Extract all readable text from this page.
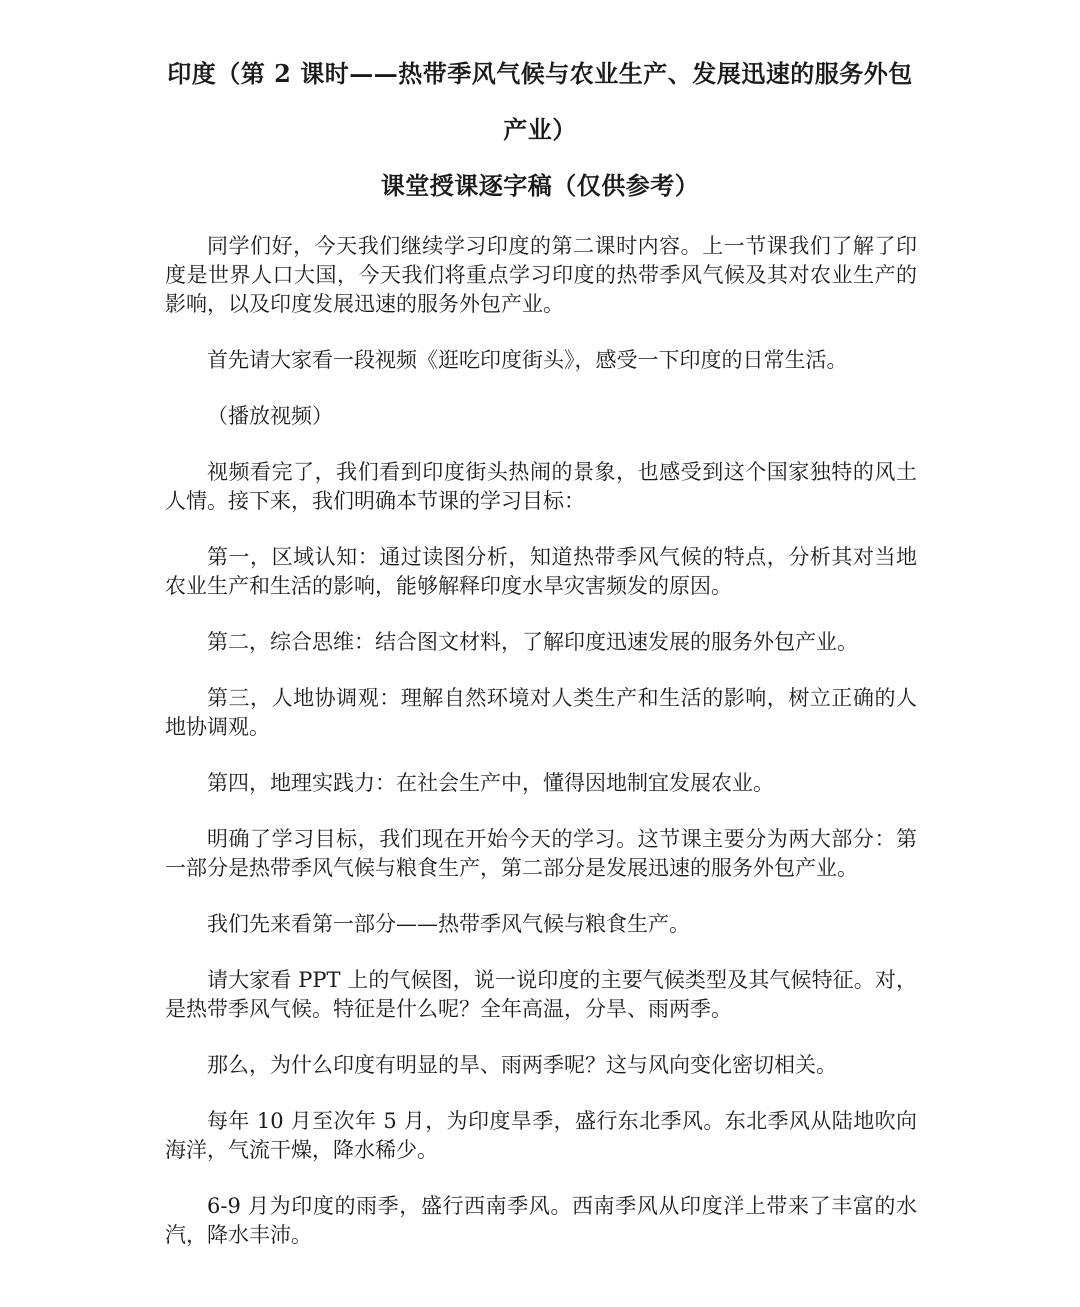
印度（第 2 课时——热带季风气候与农业生产、发展迅速的服务外包
产业）
课堂授课逐字稿（仅供参考）

同学们好，今天我们继续学习印度的第二课时内容。上一节课我们了解了印度是世界人口大国，今天我们将重点学习印度的热带季风气候及其对农业生产的影响，以及印度发展迅速的服务外包产业。

首先请大家看一段视频《逛吃印度街头》，感受一下印度的日常生活。

（播放视频）

视频看完了，我们看到印度街头热闹的景象，也感受到这个国家独特的风土人情。接下来，我们明确本节课的学习目标：

第一，区域认知：通过读图分析，知道热带季风气候的特点，分析其对当地农业生产和生活的影响，能够解释印度水旱灾害频发的原因。

第二，综合思维：结合图文材料，了解印度迅速发展的服务外包产业。

第三，人地协调观：理解自然环境对人类生产和生活的影响，树立正确的人地协调观。

第四，地理实践力：在社会生产中，懂得因地制宜发展农业。

明确了学习目标，我们现在开始今天的学习。这节课主要分为两大部分：第一部分是热带季风气候与粮食生产，第二部分是发展迅速的服务外包产业。

我们先来看第一部分——热带季风气候与粮食生产。

请大家看 PPT 上的气候图，说一说印度的主要气候类型及其气候特征。对，是热带季风气候。特征是什么呢？全年高温，分旱、雨两季。

那么，为什么印度有明显的旱、雨两季呢？这与风向变化密切相关。

每年 10 月至次年 5 月，为印度旱季，盛行东北季风。东北季风从陆地吹向海洋，气流干燥，降水稀少。

6-9 月为印度的雨季，盛行西南季风。西南季风从印度洋上带来了丰富的水汽，降水丰沛。
